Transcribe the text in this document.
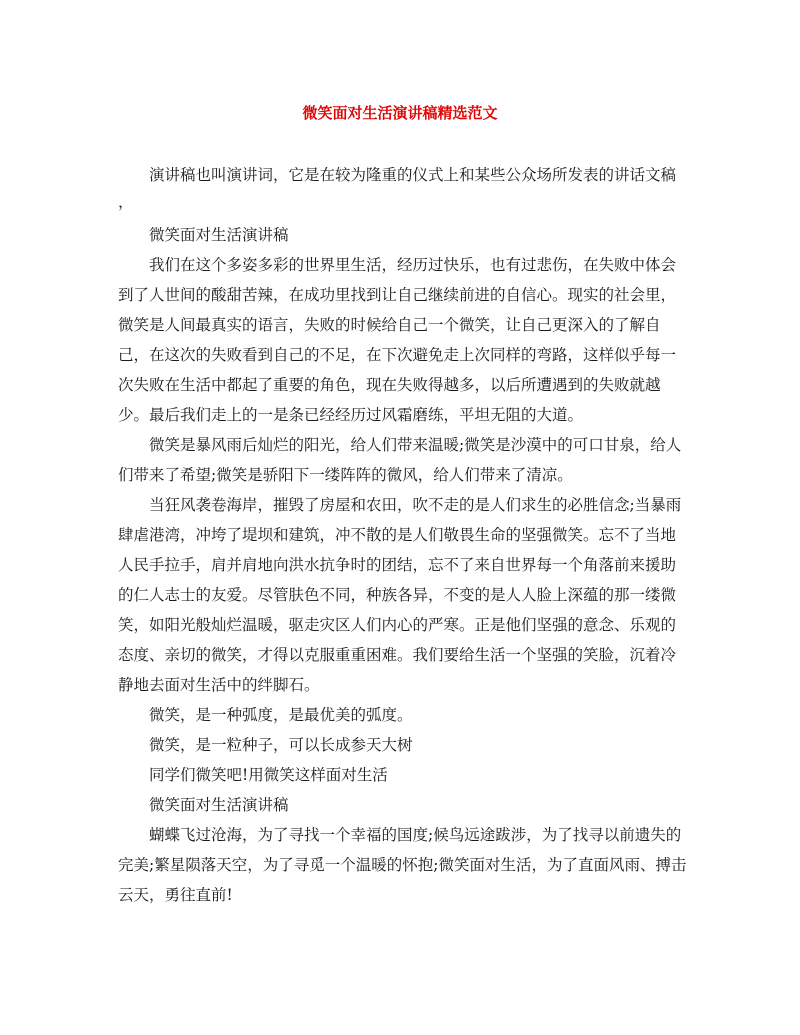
微笑面对生活演讲稿精选范文

演讲稿也叫演讲词，它是在较为隆重的仪式上和某些公众场所发表的讲话文稿

，

微笑面对生活演讲稿

我们在这个多姿多彩的世界里生活，经历过快乐，也有过悲伤，在失败中体会到了人世间的酸甜苦辣，在成功里找到让自己继续前进的自信心。现实的社会里，微笑是人间最真实的语言，失败的时候给自己一个微笑，让自己更深入的了解自己，在这次的失败看到自己的不足，在下次避免走上次同样的弯路，这样似乎每一次失败在生活中都起了重要的角色，现在失败得越多，以后所遭遇到的失败就越少。最后我们走上的一是条已经经历过风霜磨练，平坦无阻的大道。

微笑是暴风雨后灿烂的阳光，给人们带来温暖;微笑是沙漠中的可口甘泉，给人们带来了希望;微笑是骄阳下一缕阵阵的微风，给人们带来了清凉。

当狂风袭卷海岸，摧毁了房屋和农田，吹不走的是人们求生的必胜信念;当暴雨肆虐港湾，冲垮了堤坝和建筑，冲不散的是人们敬畏生命的坚强微笑。忘不了当地人民手拉手，肩并肩地向洪水抗争时的团结，忘不了来自世界每一个角落前来援助的仁人志士的友爱。尽管肤色不同，种族各异，不变的是人人脸上深蕴的那一缕微笑，如阳光般灿烂温暖，驱走灾区人们内心的严寒。正是他们坚强的意念、乐观的态度、亲切的微笑，才得以克服重重困难。我们要给生活一个坚强的笑脸，沉着冷静地去面对生活中的绊脚石。

微笑，是一种弧度，是最优美的弧度。

微笑，是一粒种子，可以长成参天大树

同学们微笑吧!用微笑这样面对生活

微笑面对生活演讲稿

蝴蝶飞过沧海，为了寻找一个幸福的国度;候鸟远途跋涉，为了找寻以前遗失的完美;繁星陨落天空，为了寻觅一个温暖的怀抱;微笑面对生活，为了直面风雨、搏击云天，勇往直前!
